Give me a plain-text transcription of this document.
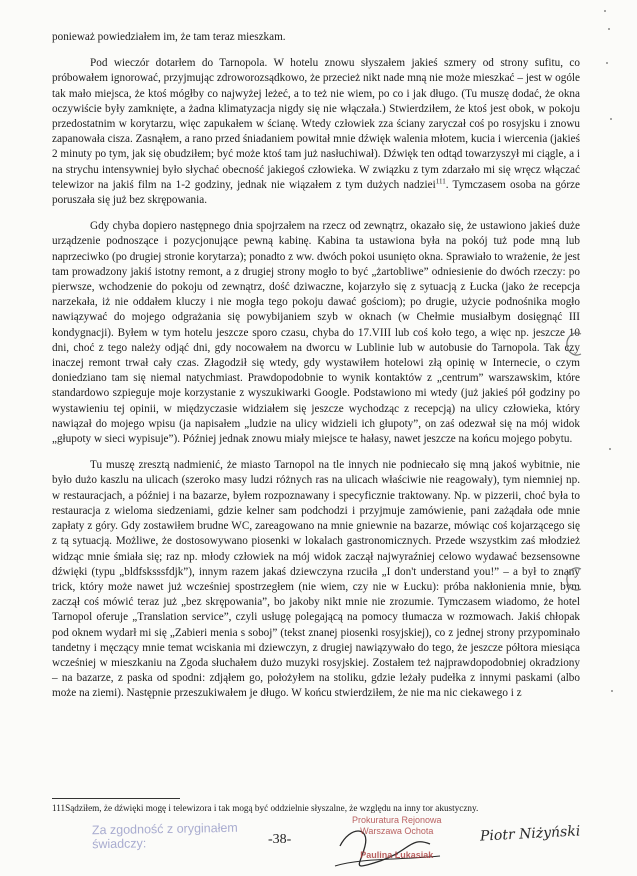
ponieważ powiedziałem im, że tam teraz mieszkam.

Pod wieczór dotarłem do Tarnopola. W hotelu znowu słyszałem jakieś szmery od strony sufitu, co próbowałem ignorować, przyjmując zdroworozsądkowo, że przecież nikt nade mną nie może mieszkać – jest w ogóle tak mało miejsca, że ktoś mógłby co najwyżej leżeć, a to też nie wiem, po co i jak długo. (Tu muszę dodać, że okna oczywiście były zamknięte, a żadna klimatyzacja nigdy się nie włączała.) Stwierdziłem, że ktoś jest obok, w pokoju przedostatnim w korytarzu, więc zapukałem w ścianę. Wtedy człowiek zza ściany zaryczał coś po rosyjsku i znowu zapanowała cisza. Zasnąłem, a rano przed śniadaniem powitał mnie dźwięk walenia młotem, kucia i wiercenia (jakieś 2 minuty po tym, jak się obudziłem; być może ktoś tam już nasłuchiwał). Dźwięk ten odtąd towarzyszył mi ciągle, a i na strychu intensywniej było słychać obecność jakiegoś człowieka. W związku z tym zdarzało mi się wręcz włączać telewizor na jakiś film na 1-2 godziny, jednak nie wiązałem z tym dużych nadziei$^{111}$. Tymczasem osoba na górze poruszała się już bez skrępowania.

Gdy chyba dopiero następnego dnia spojrzałem na rzecz od zewnątrz, okazało się, że ustawiono jakieś duże urządzenie podnoszące i pozycjonujące pewną kabinę. Kabina ta ustawiona była na pokój tuż pode mną lub naprzeciwko (po drugiej stronie korytarza); ponadto z ww. dwóch pokoi usunięto okna. Sprawiało to wrażenie, że jest tam prowadzony jakiś istotny remont, a z drugiej strony mogło to być „żartobliwe” odniesienie do dwóch rzeczy: po pierwsze, wchodzenie do pokoju od zewnątrz, dość dziwaczne, kojarzyło się z sytuacją z Łucka (jako że recepcja narzekała, iż nie oddałem kluczy i nie mogła tego pokoju dawać gościom); po drugie, użycie podnośnika mogło nawiązywać do mojego odgrażania się powybijaniem szyb w oknach (w Chełmie musiałbym dosięgnąć III kondygnacji). Byłem w tym hotelu jeszcze sporo czasu, chyba do 17.VIII lub coś koło tego, a więc np. jeszcze 10 dni, choć z tego należy odjąć dni, gdy nocowałem na dworcu w Lublinie lub w autobusie do Tarnopola. Tak czy inaczej remont trwał cały czas. Złagodził się wtedy, gdy wystawiłem hotelowi złą opinię w Internecie, o czym doniedziano tam się niemal natychmiast. Prawdopodobnie to wynik kontaktów z „centrum” warszawskim, które standardowo szpieguje moje korzystanie z wyszukiwarki Google. Podstawiono mi wtedy (już jakieś pół godziny po wystawieniu tej opinii, w międzyczasie widziałem się jeszcze wychodząc z recepcją) na ulicy człowieka, który nawiązał do mojego wpisu (ja napisałem „ludzie na ulicy widzieli ich głupoty”, on zaś odezwał się na mój widok „głupoty w sieci wypisuje”). Później jednak znowu miały miejsce te hałasy, nawet jeszcze na końcu mojego pobytu.

Tu muszę zresztą nadmienić, że miasto Tarnopol na tle innych nie podniecało się mną jakoś wybitnie, nie było dużo kaszlu na ulicach (szeroko masy ludzi różnych ras na ulicach właściwie nie reagowały), tym niemniej np. w restauracjach, a później i na bazarze, byłem rozpoznawany i specyficznie traktowany. Np. w pizzerii, choć była to restauracja z wieloma siedzeniami, gdzie kelner sam podchodzi i przyjmuje zamówienie, pani zażądała ode mnie zapłaty z góry. Gdy zostawiłem brudne WC, zareagowano na mnie gniewnie na bazarze, mówiąc coś kojarzącego się z tą sytuacją. Możliwe, że dostosowywano piosenki w lokalach gastronomicznych. Przede wszystkim zaś młodzież widząc mnie śmiała się; raz np. młody człowiek na mój widok zaczął najwyraźniej celowo wydawać bezsensowne dźwięki (typu „bldfsksssfdjk”), innym razem jakaś dziewczyna rzuciła „I don't understand you!” – a był to znany trick, który może nawet już wcześniej spostrzegłem (nie wiem, czy nie w Łucku): próba nakłonienia mnie, bym zaczął coś mówić teraz już „bez skrępowania”, bo jakoby nikt mnie nie zrozumie. Tymczasem wiadomo, że hotel Tarnopol oferuje „Translation service”, czyli usługę polegającą na pomocy tłumacza w rozmowach. Jakiś chłopak pod oknem wydarł mi się „Zabieri menia s soboj” (tekst znanej piosenki rosyjskiej), co z jednej strony przypominało tandetny i męczący mnie temat wciskania mi dziewczyn, z drugiej nawiązywało do tego, że jeszcze półtora miesiąca wcześniej w mieszkaniu na Zgoda słuchałem dużo muzyki rosyjskiej. Zostałem też najprawdopodobniej okradziony – na bazarze, z paska od spodni: zdjąłem go, położyłem na stoliku, gdzie leżały pudełka z innymi paskami (albo może na ziemi). Następnie przeszukiwałem je długo. W końcu stwierdziłem, że nie ma nic ciekawego i z

111Sądziłem, że dźwięki mogę i telewizora i tak mogą być oddzielnie słyszalne, że względu na inny tor akustyczny.
Za zgodność z oryginałem
świadczy:	-38-
Prokuratura Rejonowa
Warszawa Ochota
Paulina Łukasiak
Piotr Niżyński
